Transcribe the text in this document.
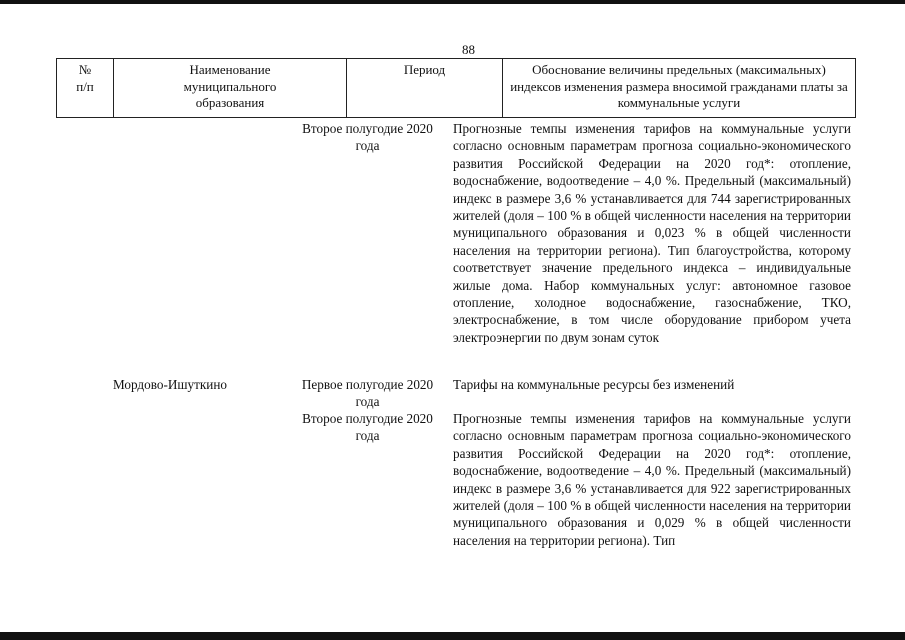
88
№
п/п
Наименование муниципального образования
Период	Обоснование величины предельных (максимальных) индексов изменения размера вносимой гражданами платы за коммунальные услуги
Второе полугодие 2020 года
Прогнозные темпы изменения тарифов на коммунальные услуги согласно основным параметрам прогноза социально-экономического развития Российской Федерации на 2020 год*: отопление, водоснабжение, водоотведение – 4,0 %. Предельный (максимальный) индекс в размере 3,6 % устанавливается для 744 зарегистрированных жителей (доля – 100 % в общей численности населения на территории муниципального образования и 0,023 % в общей численности населения на территории региона). Тип благоустройства, которому соответствует значение предельного индекса – индивидуальные жилые дома. Набор коммунальных услуг: автономное газовое отопление, холодное водоснабжение, газоснабжение, ТКО, электроснабжение, в том числе оборудование прибором учета электроэнергии по двум зонам суток
Мордово-Ишуткино	Первое полугодие 2020 года
Тарифы на коммунальные ресурсы без изменений
Второе полугодие 2020 года
Прогнозные темпы изменения тарифов на коммунальные услуги согласно основным параметрам прогноза социально-экономического развития Российской Федерации на 2020 год*: отопление, водоснабжение, водоотведение – 4,0 %. Предельный (максимальный) индекс в размере 3,6 % устанавливается для 922 зарегистрированных жителей (доля – 100 % в общей численности населения на территории муниципального образования и 0,029 % в общей численности населения на территории региона). Тип
